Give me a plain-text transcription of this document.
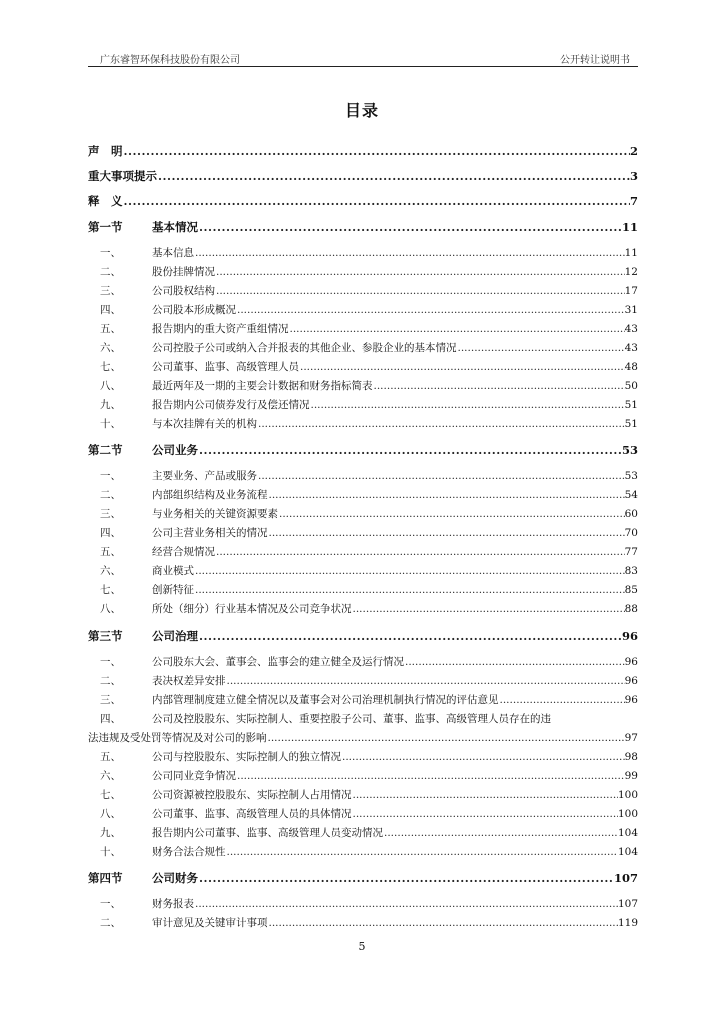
广东睿智环保科技股份有限公司	公开转让说明书
目录
声　明 .....	2
重大事项提示 .....	3
释　义 .....	7
第一节	基本情况 .....	11
一、	基本信息 .....	11
二、	股份挂牌情况 .....	12
三、	公司股权结构 .....	17
四、	公司股本形成概况 .....	31
五、	报告期内的重大资产重组情况 .....	43
六、	公司控股子公司或纳入合并报表的其他企业、参股企业的基本情况 .....	43
七、	公司董事、监事、高级管理人员 .....	48
八、	最近两年及一期的主要会计数据和财务指标简表 .....	50
九、	报告期内公司债券发行及偿还情况 .....	51
十、	与本次挂牌有关的机构 .....	51
第二节	公司业务 .....	53
一、	主要业务、产品或服务 .....	53
二、	内部组织结构及业务流程 .....	54
三、	与业务相关的关键资源要素 .....	60
四、	公司主营业务相关的情况 .....	70
五、	经营合规情况 .....	77
六、	商业模式 .....	83
七、	创新特征 .....	85
八、	所处（细分）行业基本情况及公司竞争状况 .....	88
第三节	公司治理 .....	96
一、	公司股东大会、董事会、监事会的建立健全及运行情况 .....	96
二、	表决权差异安排 .....	96
三、	内部管理制度建立健全情况以及董事会对公司治理机制执行情况的评估意见 .....	96
四、	公司及控股股东、实际控制人、重要控股子公司、董事、监事、高级管理人员存在的违
法违规及受处罚等情况及对公司的影响 .....	97
五、	公司与控股股东、实际控制人的独立情况 .....	98
六、	公司同业竞争情况 .....	99
七、	公司资源被控股股东、实际控制人占用情况 .....	100
八、	公司董事、监事、高级管理人员的具体情况 .....	100
九、	报告期内公司董事、监事、高级管理人员变动情况 .....	104
十、	财务合法合规性 .....	104
第四节	公司财务 .....	107
一、	财务报表 .....	107
二、	审计意见及关键审计事项 .....	119
5
